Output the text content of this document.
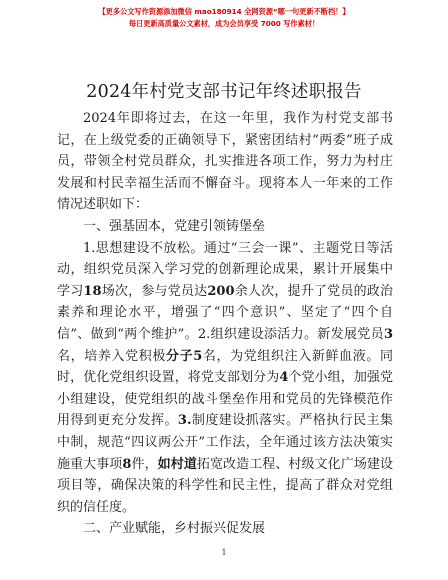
【更多公文写作资源添加微信 mao180914 全网资源“哪一句更新不断档！】
每日更新高质量公文素材，成为会员享受 7000 写作素材！
2024年村党支部书记年终述职报告

2024年即将过去，在这一年里，我作为村党支部书记，在上级党委的正确领导下，紧密团结村“两委”班子成员，带领全村党员群众，扎实推进各项工作，努力为村庄发展和村民幸福生活而不懈奋斗。现将本人一年来的工作情况述职如下：

一、强基固本，党建引领铸堡垒

1.思想建设不放松。通过“三会一课”、主题党日等活动，组织党员深入学习党的创新理论成果，累计开展集中学习18场次，参与党员达200余人次，提升了党员的政治素养和理论水平，增强了“四个意识”、坚定了“四个自信”、做到“两个维护”。2.组织建设添活力。新发展党员3名，培养入党积极分子5名，为党组织注入新鲜血液。同时，优化党组织设置，将党支部划分为4个党小组，加强党小组建设，使党组织的战斗堡垒作用和党员的先锋模范作用得到更充分发挥。3.制度建设抓落实。严格执行民主集中制，规范“四议两公开”工作法，全年通过该方法决策实施重大事项8件，如村道拓宽改造工程、村级文化广场建设项目等，确保决策的科学性和民主性，提高了群众对党组织的信任度。

二、产业赋能，乡村振兴促发展

1
